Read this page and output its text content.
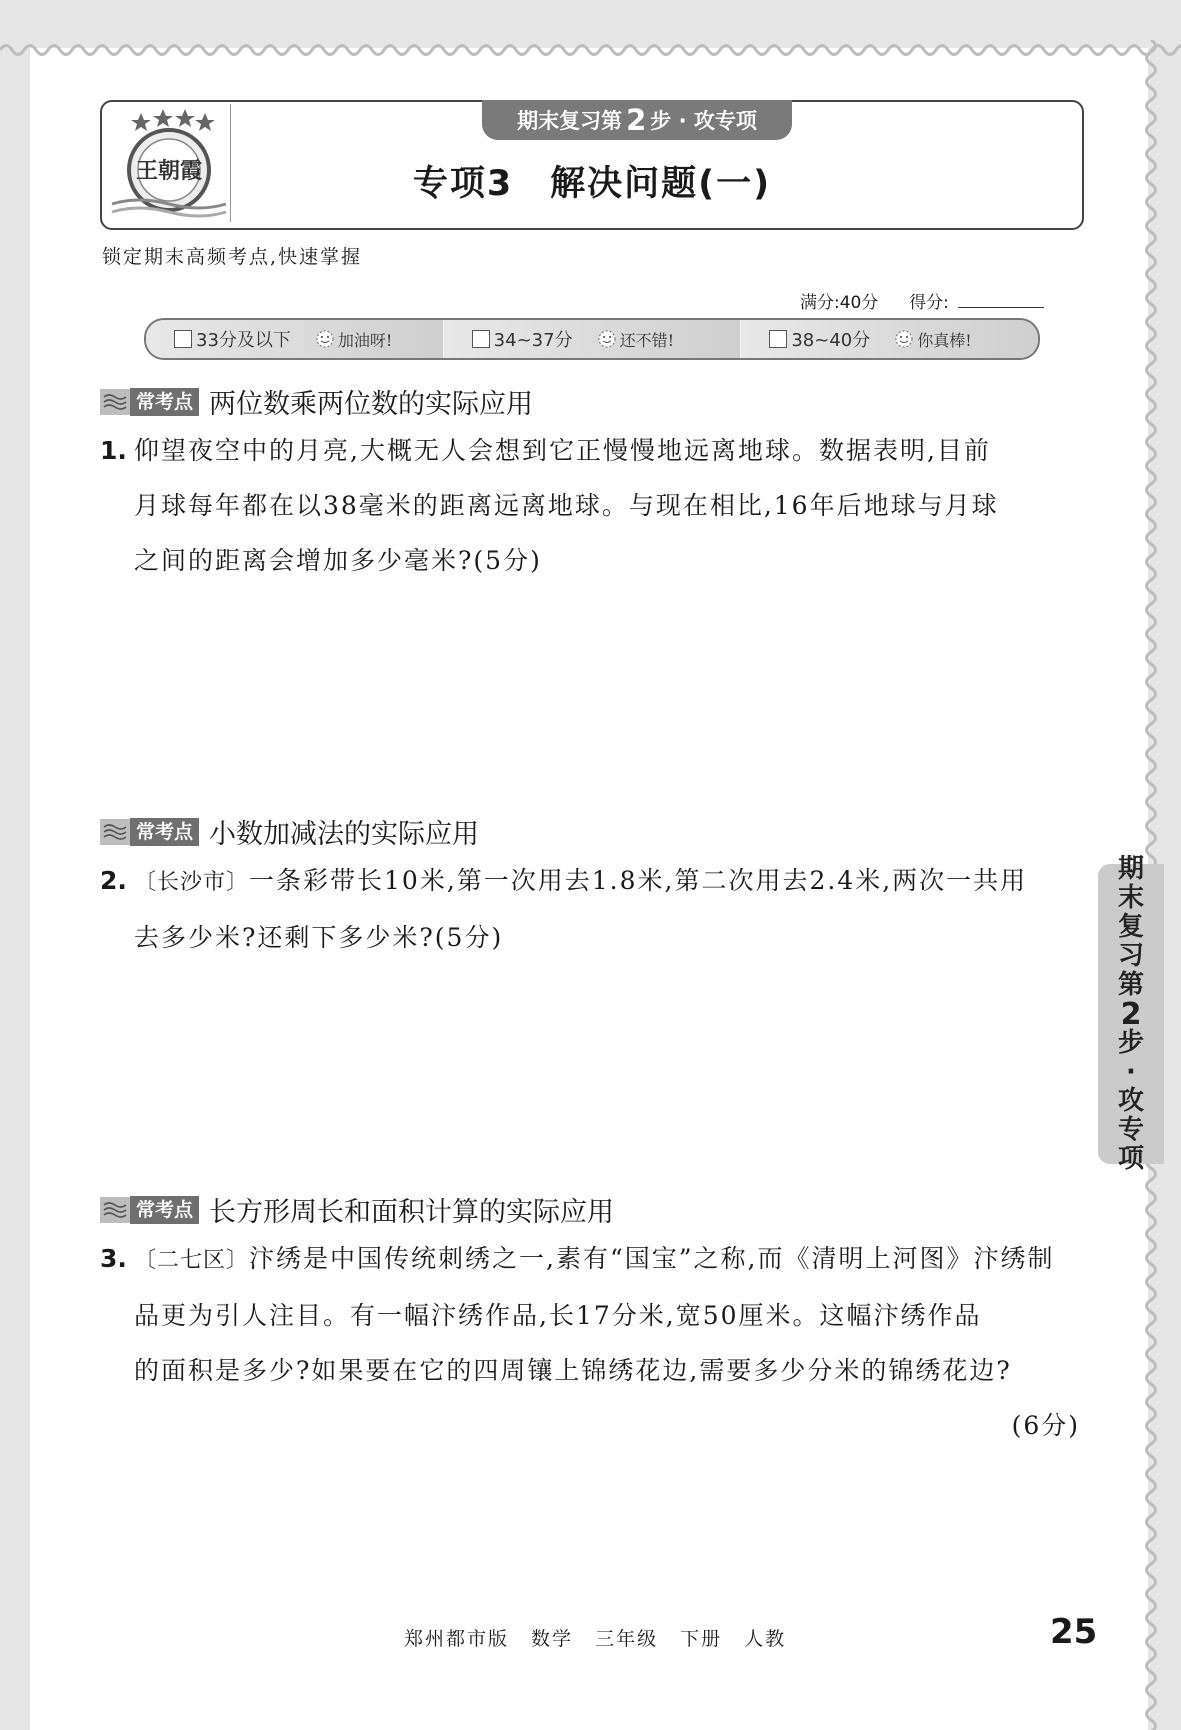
王朝霞
期末复习第 2 步 · 攻专项
专项3　解决问题(一)
锁定期末高频考点,快速掌握
满分:40分 得分:
33分及以下	加油呀!	34~37分	还不错!	38~40分	你真棒!
常考点 两位数乘两位数的实际应用
1. 仰望夜空中的月亮,大概无人会想到它正慢慢地远离地球。数据表明,目前
月球每年都在以38毫米的距离远离地球。与现在相比,16年后地球与月球
之间的距离会增加多少毫米?(5分)
常考点 小数加减法的实际应用
2. 〔长沙市〕一条彩带长10米,第一次用去1.8米,第二次用去2.4米,两次一共用
去多少米?还剩下多少米?(5分)
常考点 长方形周长和面积计算的实际应用
3. 〔二七区〕汴绣是中国传统刺绣之一,素有“国宝”之称,而《清明上河图》汴绣制
品更为引人注目。有一幅汴绣作品,长17分米,宽50厘米。这幅汴绣作品
的面积是多少?如果要在它的四周镶上锦绣花边,需要多少分米的锦绣花边?
(6分)
期
末
复
习
第
2
步
·
攻
专
项
郑州都市版 数学 三年级 下册 人教	25
